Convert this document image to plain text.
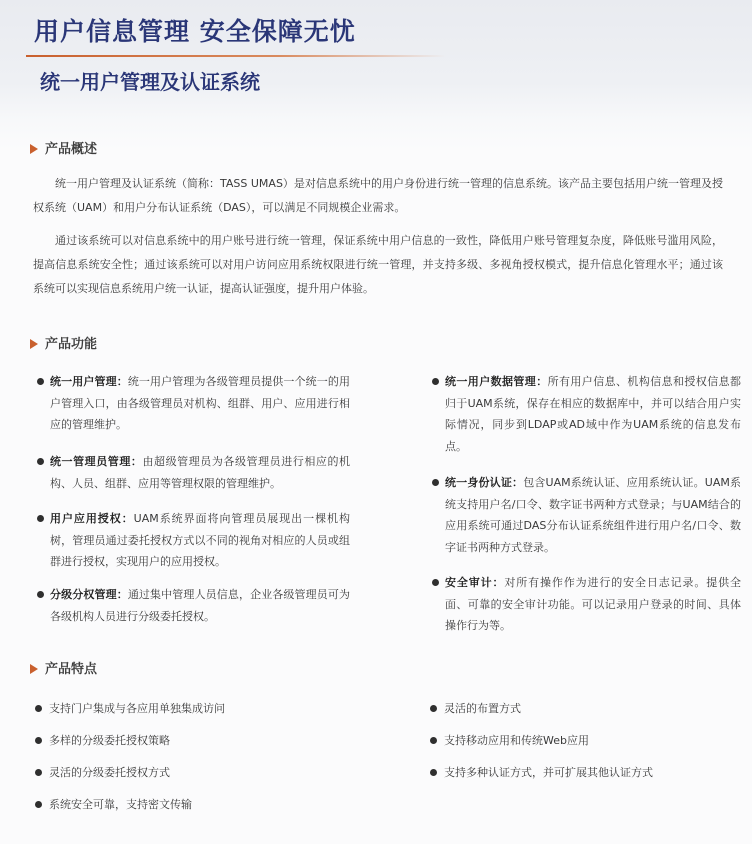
用户信息管理 安全保障无忧
统一用户管理及认证系统
产品概述

统一用户管理及认证系统（简称：TASS UMAS）是对信息系统中的用户身份进行统一管理的信息系统。该产品主要包括用户统一管理及授权系统（UAM）和用户分布认证系统（DAS），可以满足不同规模企业需求。

通过该系统可以对信息系统中的用户账号进行统一管理，保证系统中用户信息的一致性，降低用户账号管理复杂度，降低账号滥用风险，提高信息系统安全性；通过该系统可以对用户访问应用系统权限进行统一管理，并支持多级、多视角授权模式，提升信息化管理水平；通过该系统可以实现信息系统用户统一认证，提高认证强度，提升用户体验。

产品功能

统一用户管理：统一用户管理为各级管理员提供一个统一的用户管理入口，由各级管理员对机构、组群、用户、应用进行相应的管理维护。

统一管理员管理：由超级管理员为各级管理员进行相应的机构、人员、组群、应用等管理权限的管理维护。

用户应用授权：UAM系统界面将向管理员展现出一棵机构树，管理员通过委托授权方式以不同的视角对相应的人员或组群进行授权，实现用户的应用授权。

分级分权管理：通过集中管理人员信息，企业各级管理员可为各级机构人员进行分级委托授权。

统一用户数据管理：所有用户信息、机构信息和授权信息都归于UAM系统，保存在相应的数据库中，并可以结合用户实际情况，同步到LDAP或AD域中作为UAM系统的信息发布点。

统一身份认证：包含UAM系统认证、应用系统认证。UAM系统支持用户名/口令、数字证书两种方式登录；与UAM结合的应用系统可通过DAS分布认证系统组件进行用户名/口令、数字证书两种方式登录。

安全审计：对所有操作作为进行的安全日志记录。提供全面、可靠的安全审计功能。可以记录用户登录的时间、具体操作行为等。

产品特点

支持门户集成与各应用单独集成访问

多样的分级委托授权策略

灵活的分级委托授权方式

系统安全可靠，支持密文传输

灵活的布置方式

支持移动应用和传统Web应用

支持多种认证方式，并可扩展其他认证方式
